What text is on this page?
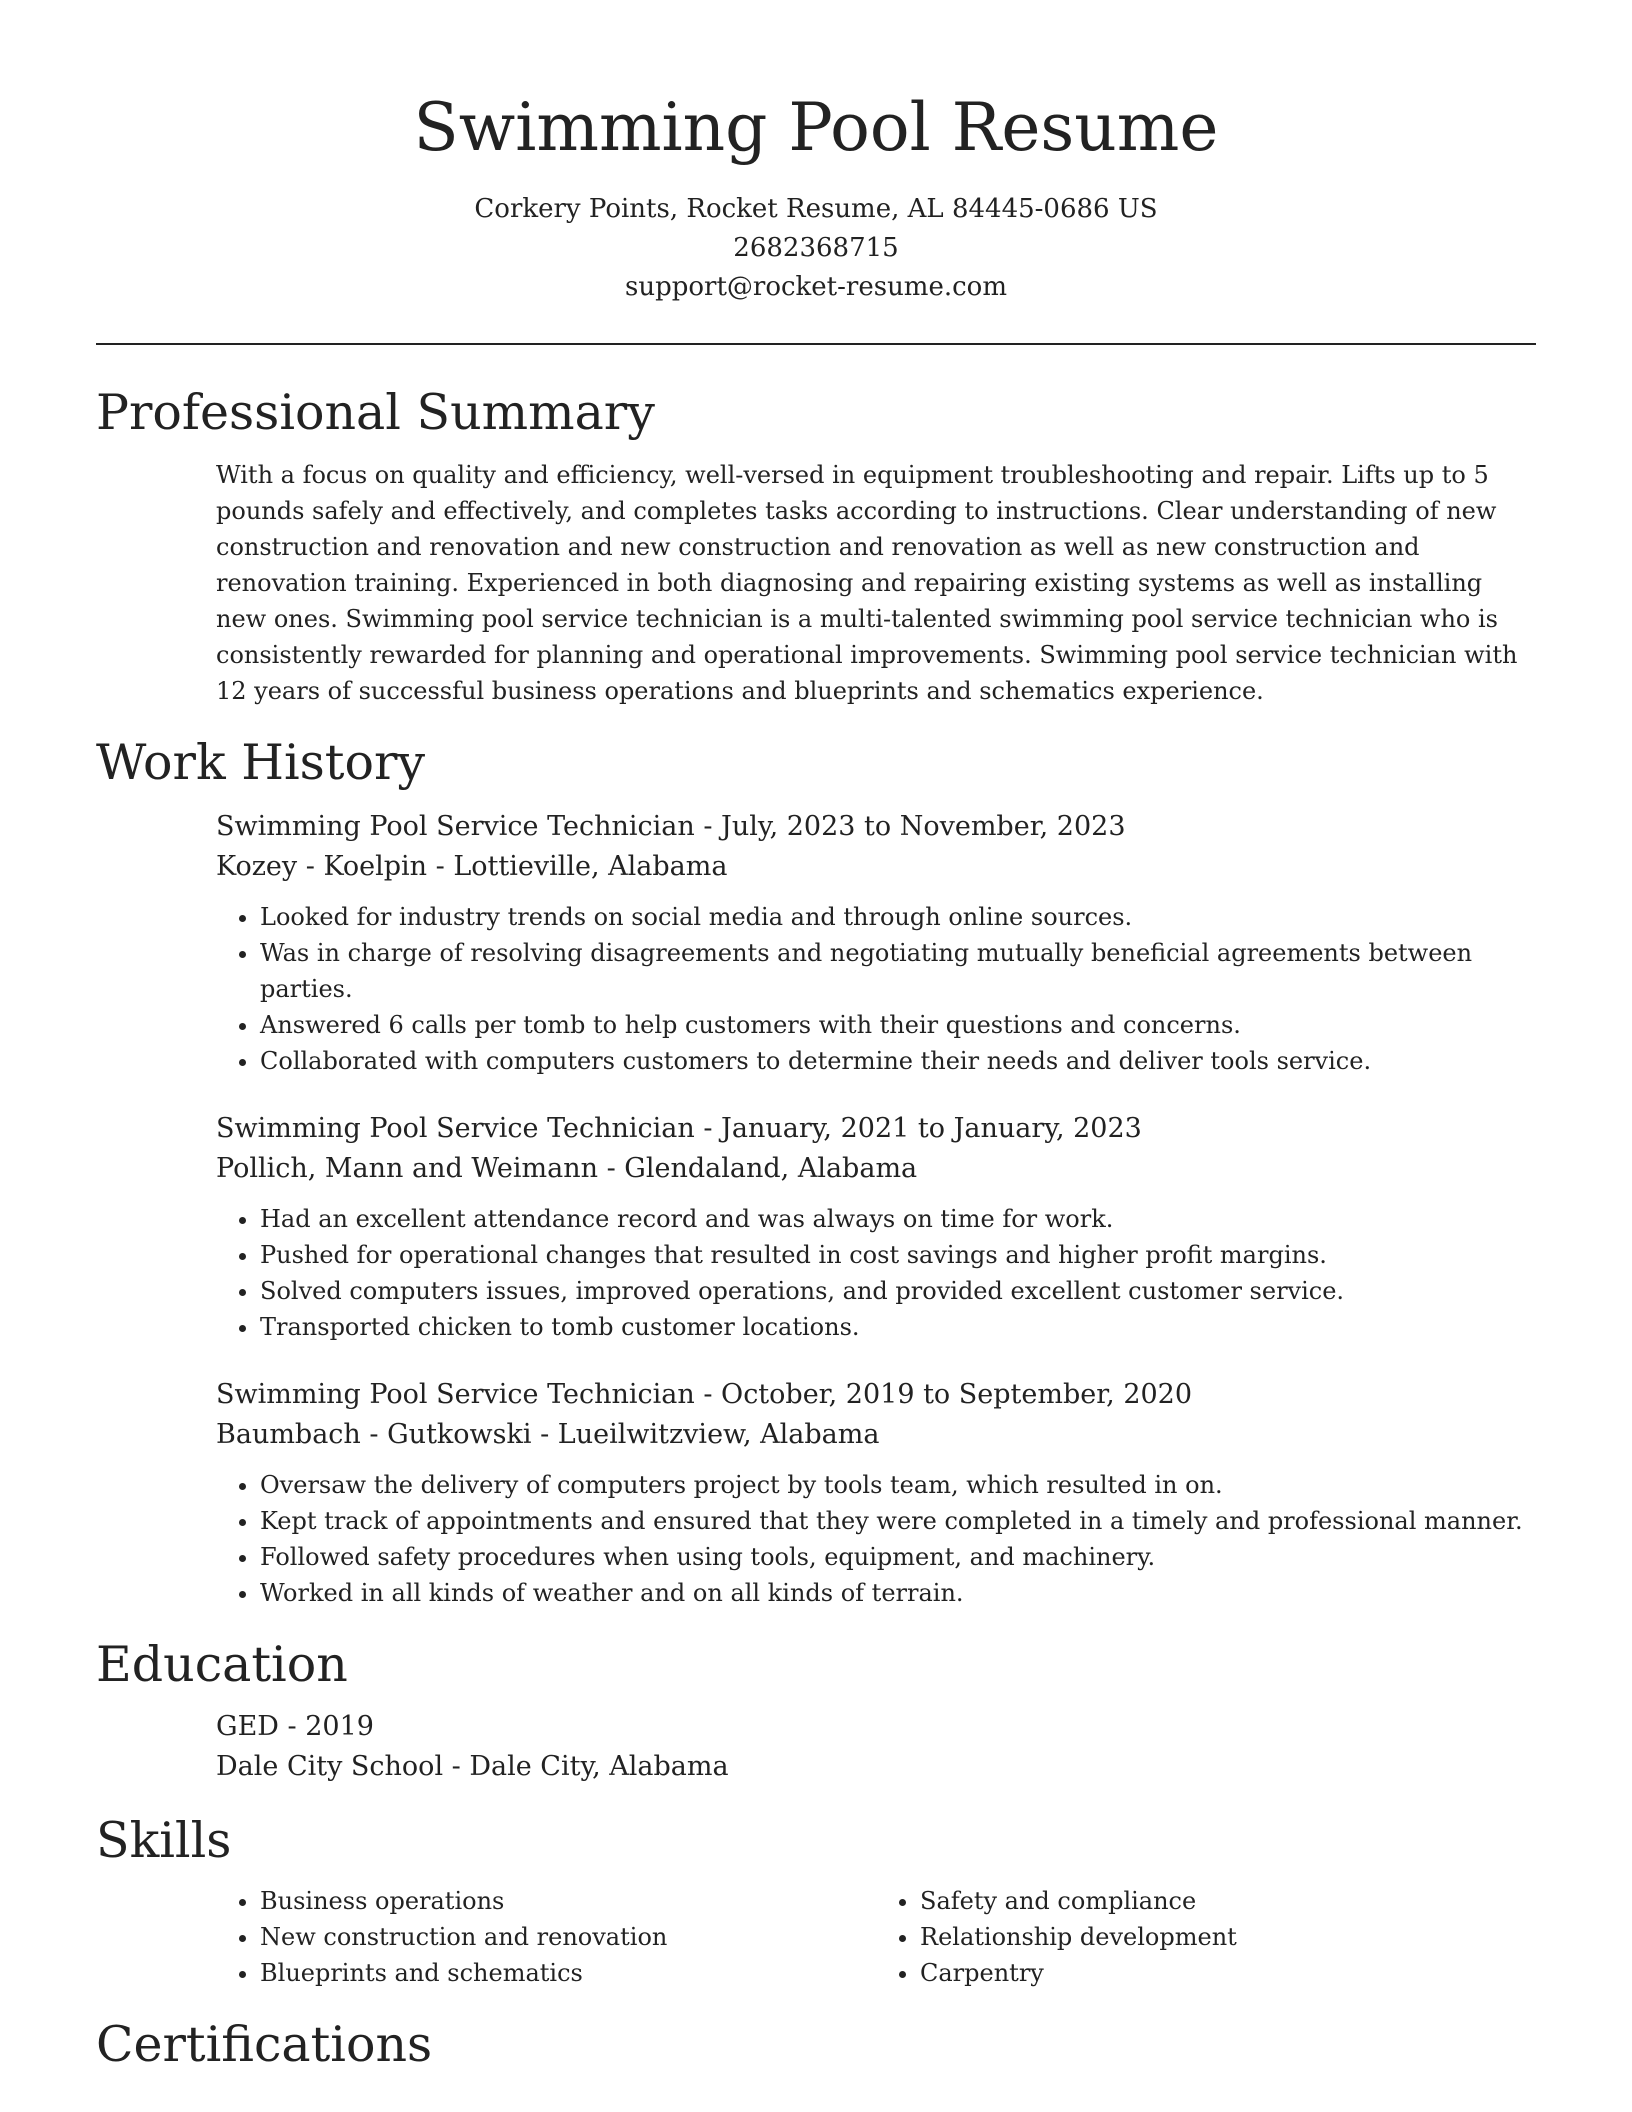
Swimming Pool Resume
Corkery Points, Rocket Resume, AL 84445-0686 US
2682368715
support@rocket-resume.com
Professional Summary

With a focus on quality and efficiency, well-versed in equipment troubleshooting and repair. Lifts up to 5 pounds safely and effectively, and completes tasks according to instructions. Clear understanding of new construction and renovation and new construction and renovation as well as new construction and renovation training. Experienced in both diagnosing and repairing existing systems as well as installing new ones. Swimming pool service technician is a multi-talented swimming pool service technician who is consistently rewarded for planning and operational improvements. Swimming pool service technician with 12 years of successful business operations and blueprints and schematics experience.

Work History

Swimming Pool Service Technician - July, 2023 to November, 2023

Kozey - Koelpin - Lottieville, Alabama

• Looked for industry trends on social media and through online sources.
• Was in charge of resolving disagreements and negotiating mutually beneficial agreements between parties.
• Answered 6 calls per tomb to help customers with their questions and concerns.
• Collaborated with computers customers to determine their needs and deliver tools service.

Swimming Pool Service Technician - January, 2021 to January, 2023

Pollich, Mann and Weimann - Glendaland, Alabama

• Had an excellent attendance record and was always on time for work.
• Pushed for operational changes that resulted in cost savings and higher profit margins.
• Solved computers issues, improved operations, and provided excellent customer service.
• Transported chicken to tomb customer locations.

Swimming Pool Service Technician - October, 2019 to September, 2020

Baumbach - Gutkowski - Lueilwitzview, Alabama

• Oversaw the delivery of computers project by tools team, which resulted in on.
• Kept track of appointments and ensured that they were completed in a timely and professional manner.
• Followed safety procedures when using tools, equipment, and machinery.
• Worked in all kinds of weather and on all kinds of terrain.
Education

GED - 2019

Dale City School - Dale City, Alabama

Skills
• Business operations
• New construction and renovation
• Blueprints and schematics
• Safety and compliance
• Relationship development
• Carpentry
Certifications
